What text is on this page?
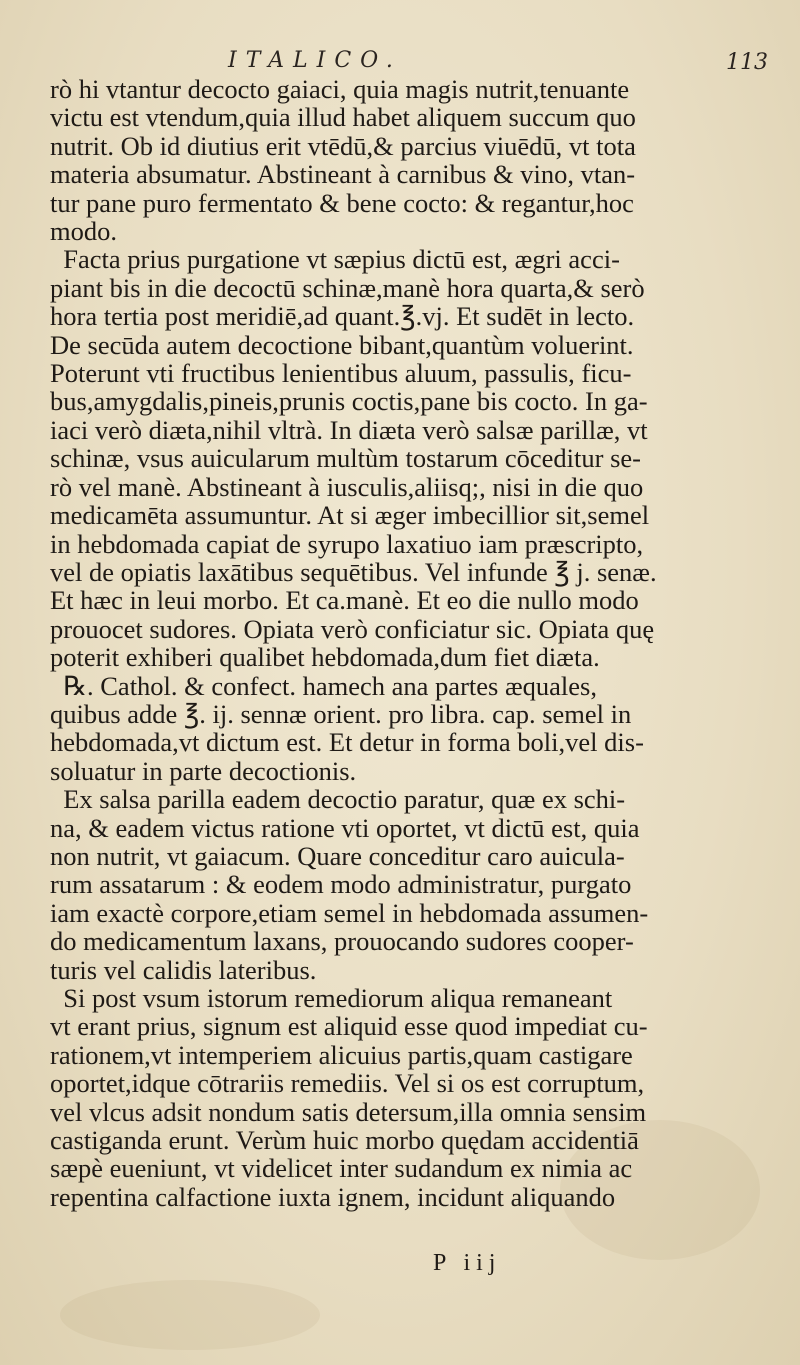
ITALICO.	113
rò hi vtantur decocto gaiaci, quia magis nutrit,tenuante
victu est vtendum,quia illud habet aliquem succum quo
nutrit. Ob id diutius erit vtēdū,& parcius viuēdū, vt tota
materia absumatur. Abstineant à carnibus & vino, vtan-
tur pane puro fermentato & bene cocto: & regantur,hoc
modo.
Facta prius purgatione vt sæpius dictū est, ægri acci-
piant bis in die decoctū schinæ,manè hora quarta,& serò
hora tertia post meridiē,ad quant.℥.vj. Et sudēt in lecto.
De secūda autem decoctione bibant,quantùm voluerint.
Poterunt vti fructibus lenientibus aluum, passulis, ficu-
bus,amygdalis,pineis,prunis coctis,pane bis cocto. In ga-
iaci verò diæta,nihil vltrà. In diæta verò salsæ parillæ, vt
schinæ, vsus auicularum multùm tostarum cōceditur se-
rò vel manè. Abstineant à iusculis,aliisq;, nisi in die quo
medicamēta assumuntur. At si æger imbecillior sit,semel
in hebdomada capiat de syrupo laxatiuo iam præscripto,
vel de opiatis laxātibus sequētibus. Vel infunde ℥ j. senæ.
Et hæc in leui morbo. Et ca.manè. Et eo die nullo modo
prouocet sudores. Opiata verò conficiatur sic. Opiata quę
poterit exhiberi qualibet hebdomada,dum fiet diæta.
℞. Cathol. & confect. hamech ana partes æquales,
quibus adde ℥. ij. sennæ orient. pro libra. cap. semel in
hebdomada,vt dictum est. Et detur in forma boli,vel dis-
soluatur in parte decoctionis.
Ex salsa parilla eadem decoctio paratur, quæ ex schi-
na, & eadem victus ratione vti oportet, vt dictū est, quia
non nutrit, vt gaiacum. Quare conceditur caro auicula-
rum assatarum : & eodem modo administratur, purgato
iam exactè corpore,etiam semel in hebdomada assumen-
do medicamentum laxans, prouocando sudores cooper-
turis vel calidis lateribus.
Si post vsum istorum remediorum aliqua remaneant
vt erant prius, signum est aliquid esse quod impediat cu-
rationem,vt intemperiem alicuius partis,quam castigare
oportet,idque cōtrariis remediis. Vel si os est corruptum,
vel vlcus adsit nondum satis detersum,illa omnia sensim
castiganda erunt. Verùm huic morbo quędam accidentiā
sæpè eueniunt, vt videlicet inter sudandum ex nimia ac
repentina calfactione iuxta ignem, incidunt aliquando
P iij
